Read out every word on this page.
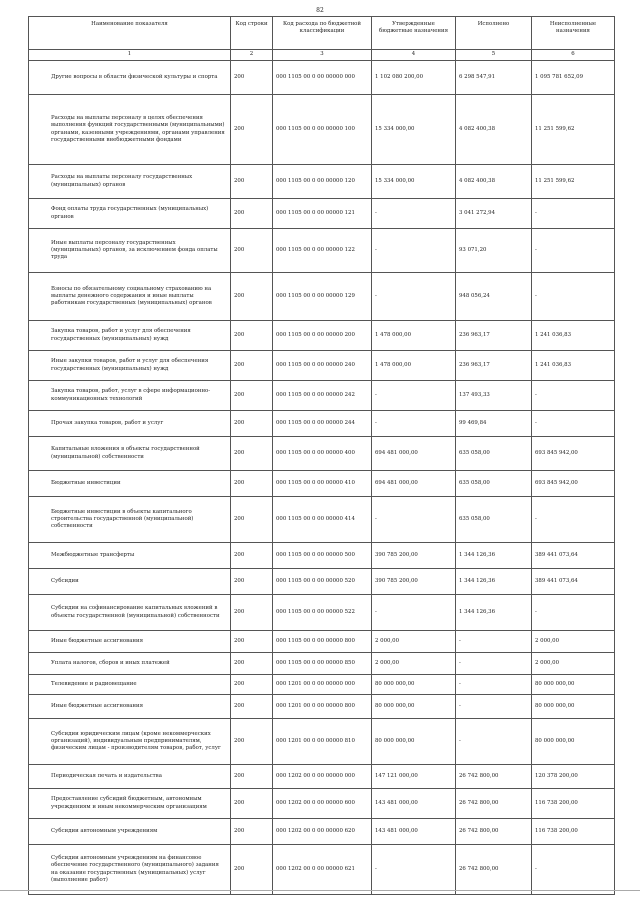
82
Наименование показателя	Код строки	Код расхода по бюджетной классификации	Утвержденные бюджетные назначения	Исполнено	Неисполненные назначения
1	2	3	4	5	6
Другие вопросы в области физической культуры и спорта	200	000 1105 00 0 00 00000 000	1 102 080 200,00	6 298 547,91	1 095 781 652,09
Расходы на выплаты персоналу в целях обеспечения выполнения функций государственными (муниципальными) органами, казенными учреждениями, органами управления государственными внебюджетными фондами	200	000 1105 00 0 00 00000 100	15 334 000,00	4 082 400,38	11 251 599,62
Расходы на выплаты персоналу государственных (муниципальных) органов	200	000 1105 00 0 00 00000 120	15 334 000,00	4 082 400,38	11 251 599,62
Фонд оплаты труда государственных (муниципальных) органов	200	000 1105 00 0 00 00000 121	-	3 041 272,94	-
Иные выплаты персоналу государственных (муниципальных) органов, за исключением фонда оплаты труда	200	000 1105 00 0 00 00000 122	-	93 071,20	-
Взносы по обязательному социальному страхованию на выплаты денежного содержания и иные выплаты работникам государственных (муниципальных) органов	200	000 1105 00 0 00 00000 129	-	948 056,24	-
Закупка товаров, работ и услуг для обеспечения государственных (муниципальных) нужд	200	000 1105 00 0 00 00000 200	1 478 000,00	236 963,17	1 241 036,83
Иные закупки товаров, работ и услуг для обеспечения государственных (муниципальных) нужд	200	000 1105 00 0 00 00000 240	1 478 000,00	236 963,17	1 241 036,83
Закупка товаров, работ, услуг в сфере информационно-коммуникационных технологий	200	000 1105 00 0 00 00000 242	-	137 493,33	-
Прочая закупка товаров, работ и услуг	200	000 1105 00 0 00 00000 244	-	99 469,84	-
Капитальные вложения в объекты государственной (муниципальной) собственности	200	000 1105 00 0 00 00000 400	694 481 000,00	635 058,00	693 845 942,00
Бюджетные инвестиции	200	000 1105 00 0 00 00000 410	694 481 000,00	635 058,00	693 845 942,00
Бюджетные инвестиции в объекты капитального строительства государственной (муниципальной) собственности	200	000 1105 00 0 00 00000 414	-	635 058,00	-
Межбюджетные трансферты	200	000 1105 00 0 00 00000 500	390 785 200,00	1 344 126,36	389 441 073,64
Субсидии	200	000 1105 00 0 00 00000 520	390 785 200,00	1 344 126,36	389 441 073,64
Субсидии на софинансирование капитальных вложений в объекты государственной (муниципальной) собственности	200	000 1105 00 0 00 00000 522	-	1 344 126,36	-
Иные бюджетные ассигнования	200	000 1105 00 0 00 00000 800	2 000,00	-	2 000,00
Уплата налогов, сборов и иных платежей	200	000 1105 00 0 00 00000 850	2 000,00	-	2 000,00
Телевидение и радиовещание	200	000 1201 00 0 00 00000 000	80 000 000,00	-	80 000 000,00
Иные бюджетные ассигнования	200	000 1201 00 0 00 00000 800	80 000 000,00	-	80 000 000,00
Субсидии юридическим лицам (кроме некоммерческих организаций), индивидуальным предпринимателям, физическим лицам - производителям товаров, работ, услуг	200	000 1201 00 0 00 00000 810	80 000 000,00	-	80 000 000,00
Периодическая печать и издательства	200	000 1202 00 0 00 00000 000	147 121 000,00	26 742 800,00	120 378 200,00
Предоставление субсидий бюджетным, автономным учреждениям и иным некоммерческим организациям	200	000 1202 00 0 00 00000 600	143 481 000,00	26 742 800,00	116 738 200,00
Субсидии автономным учреждениям	200	000 1202 00 0 00 00000 620	143 481 000,00	26 742 800,00	116 738 200,00
Субсидии автономным учреждениям на финансовое обеспечение государственного (муниципального) задания на оказание государственных (муниципальных) услуг (выполнение работ)	200	000 1202 00 0 00 00000 621	-	26 742 800,00	-
